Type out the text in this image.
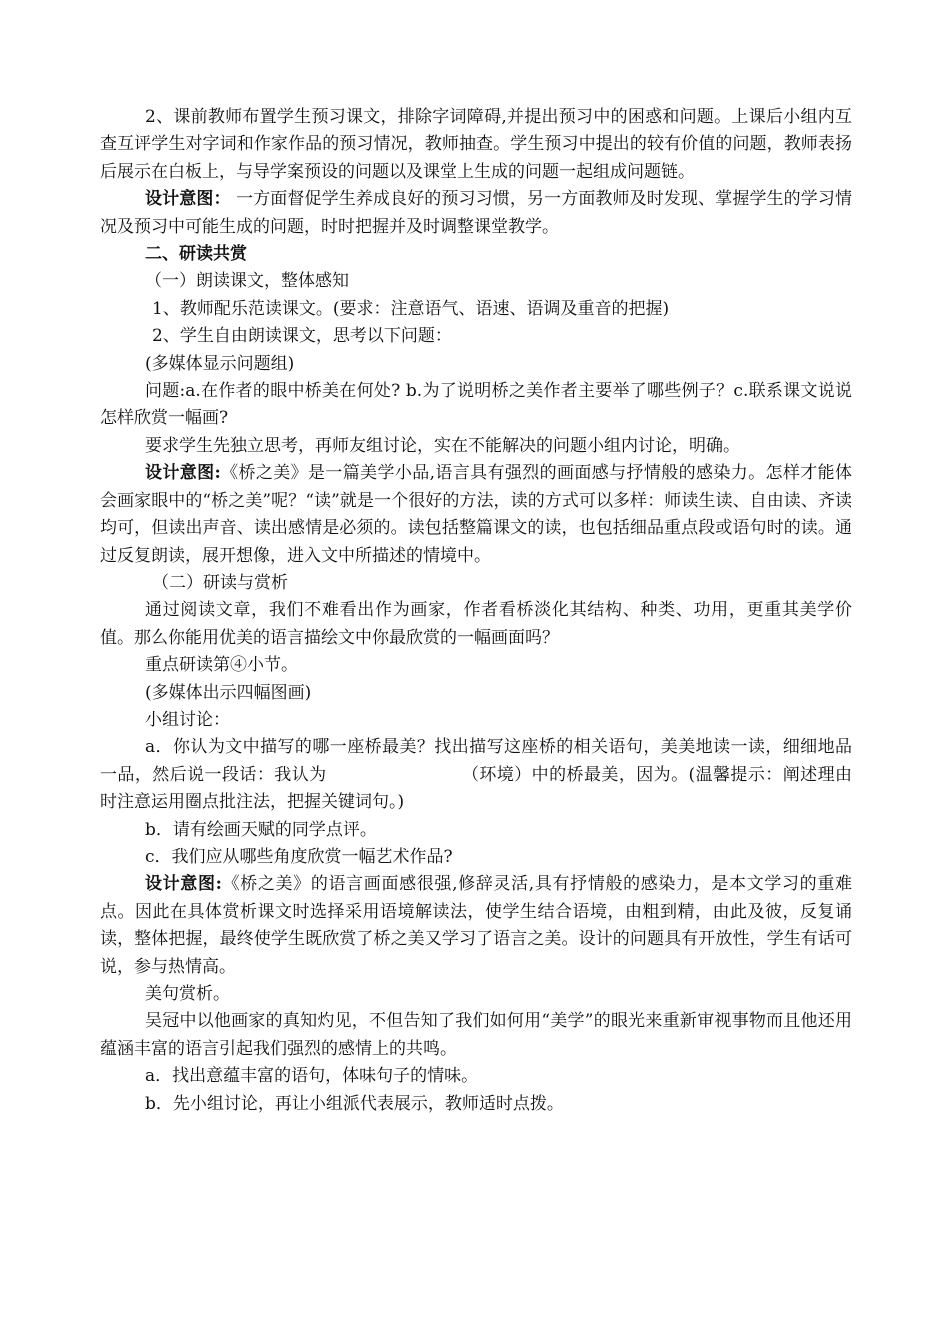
2、课前教师布置学生预习课文，排除字词障碍,并提出预习中的困惑和问题。上课后小组内互查互评学生对字词和作家作品的预习情况，教师抽查。学生预习中提出的较有价值的问题，教师表扬后展示在白板上，与导学案预设的问题以及课堂上生成的问题一起组成问题链。

设计意图： 一方面督促学生养成良好的预习习惯，另一方面教师及时发现、掌握学生的学习情况及预习中可能生成的问题，时时把握并及时调整课堂教学。

二、研读共赏

（一）朗读课文，整体感知

1、教师配乐范读课文。(要求：注意语气、语速、语调及重音的把握)

2、学生自由朗读课文，思考以下问题：

(多媒体显示问题组)

问题:a.在作者的眼中桥美在何处? b.为了说明桥之美作者主要举了哪些例子？c.联系课文说说怎样欣赏一幅画?

要求学生先独立思考，再师友组讨论，实在不能解决的问题小组内讨论，明确。

设计意图:《桥之美》是一篇美学小品,语言具有强烈的画面感与抒情般的感染力。怎样才能体会画家眼中的“桥之美”呢？“读”就是一个很好的方法，读的方式可以多样：师读生读、自由读、齐读均可，但读出声音、读出感情是必须的。读包括整篇课文的读，也包括细品重点段或语句时的读。通过反复朗读，展开想像，进入文中所描述的情境中。

（二）研读与赏析

通过阅读文章，我们不难看出作为画家，作者看桥淡化其结构、种类、功用，更重其美学价值。那么你能用优美的语言描绘文中你最欣赏的一幅画面吗？

重点研读第④小节。

(多媒体出示四幅图画)

小组讨论：

a．你认为文中描写的哪一座桥最美？找出描写这座桥的相关语句，美美地读一读，细细地品一品，然后说一段话：我认为	（环境）中的桥最美，因为。(温馨提示：阐述理由时注意运用圈点批注法，把握关键词句。)

b．请有绘画天赋的同学点评。

c．我们应从哪些角度欣赏一幅艺术作品?

设计意图:《桥之美》的语言画面感很强,修辞灵活,具有抒情般的感染力，是本文学习的重难点。因此在具体赏析课文时选择采用语境解读法，使学生结合语境，由粗到精，由此及彼，反复诵读，整体把握，最终使学生既欣赏了桥之美又学习了语言之美。设计的问题具有开放性，学生有话可说，参与热情高。

美句赏析。

吴冠中以他画家的真知灼见，不但告知了我们如何用“美学”的眼光来重新审视事物而且他还用蕴涵丰富的语言引起我们强烈的感情上的共鸣。

a．找出意蕴丰富的语句，体味句子的情味。

b．先小组讨论，再让小组派代表展示，教师适时点拨。
